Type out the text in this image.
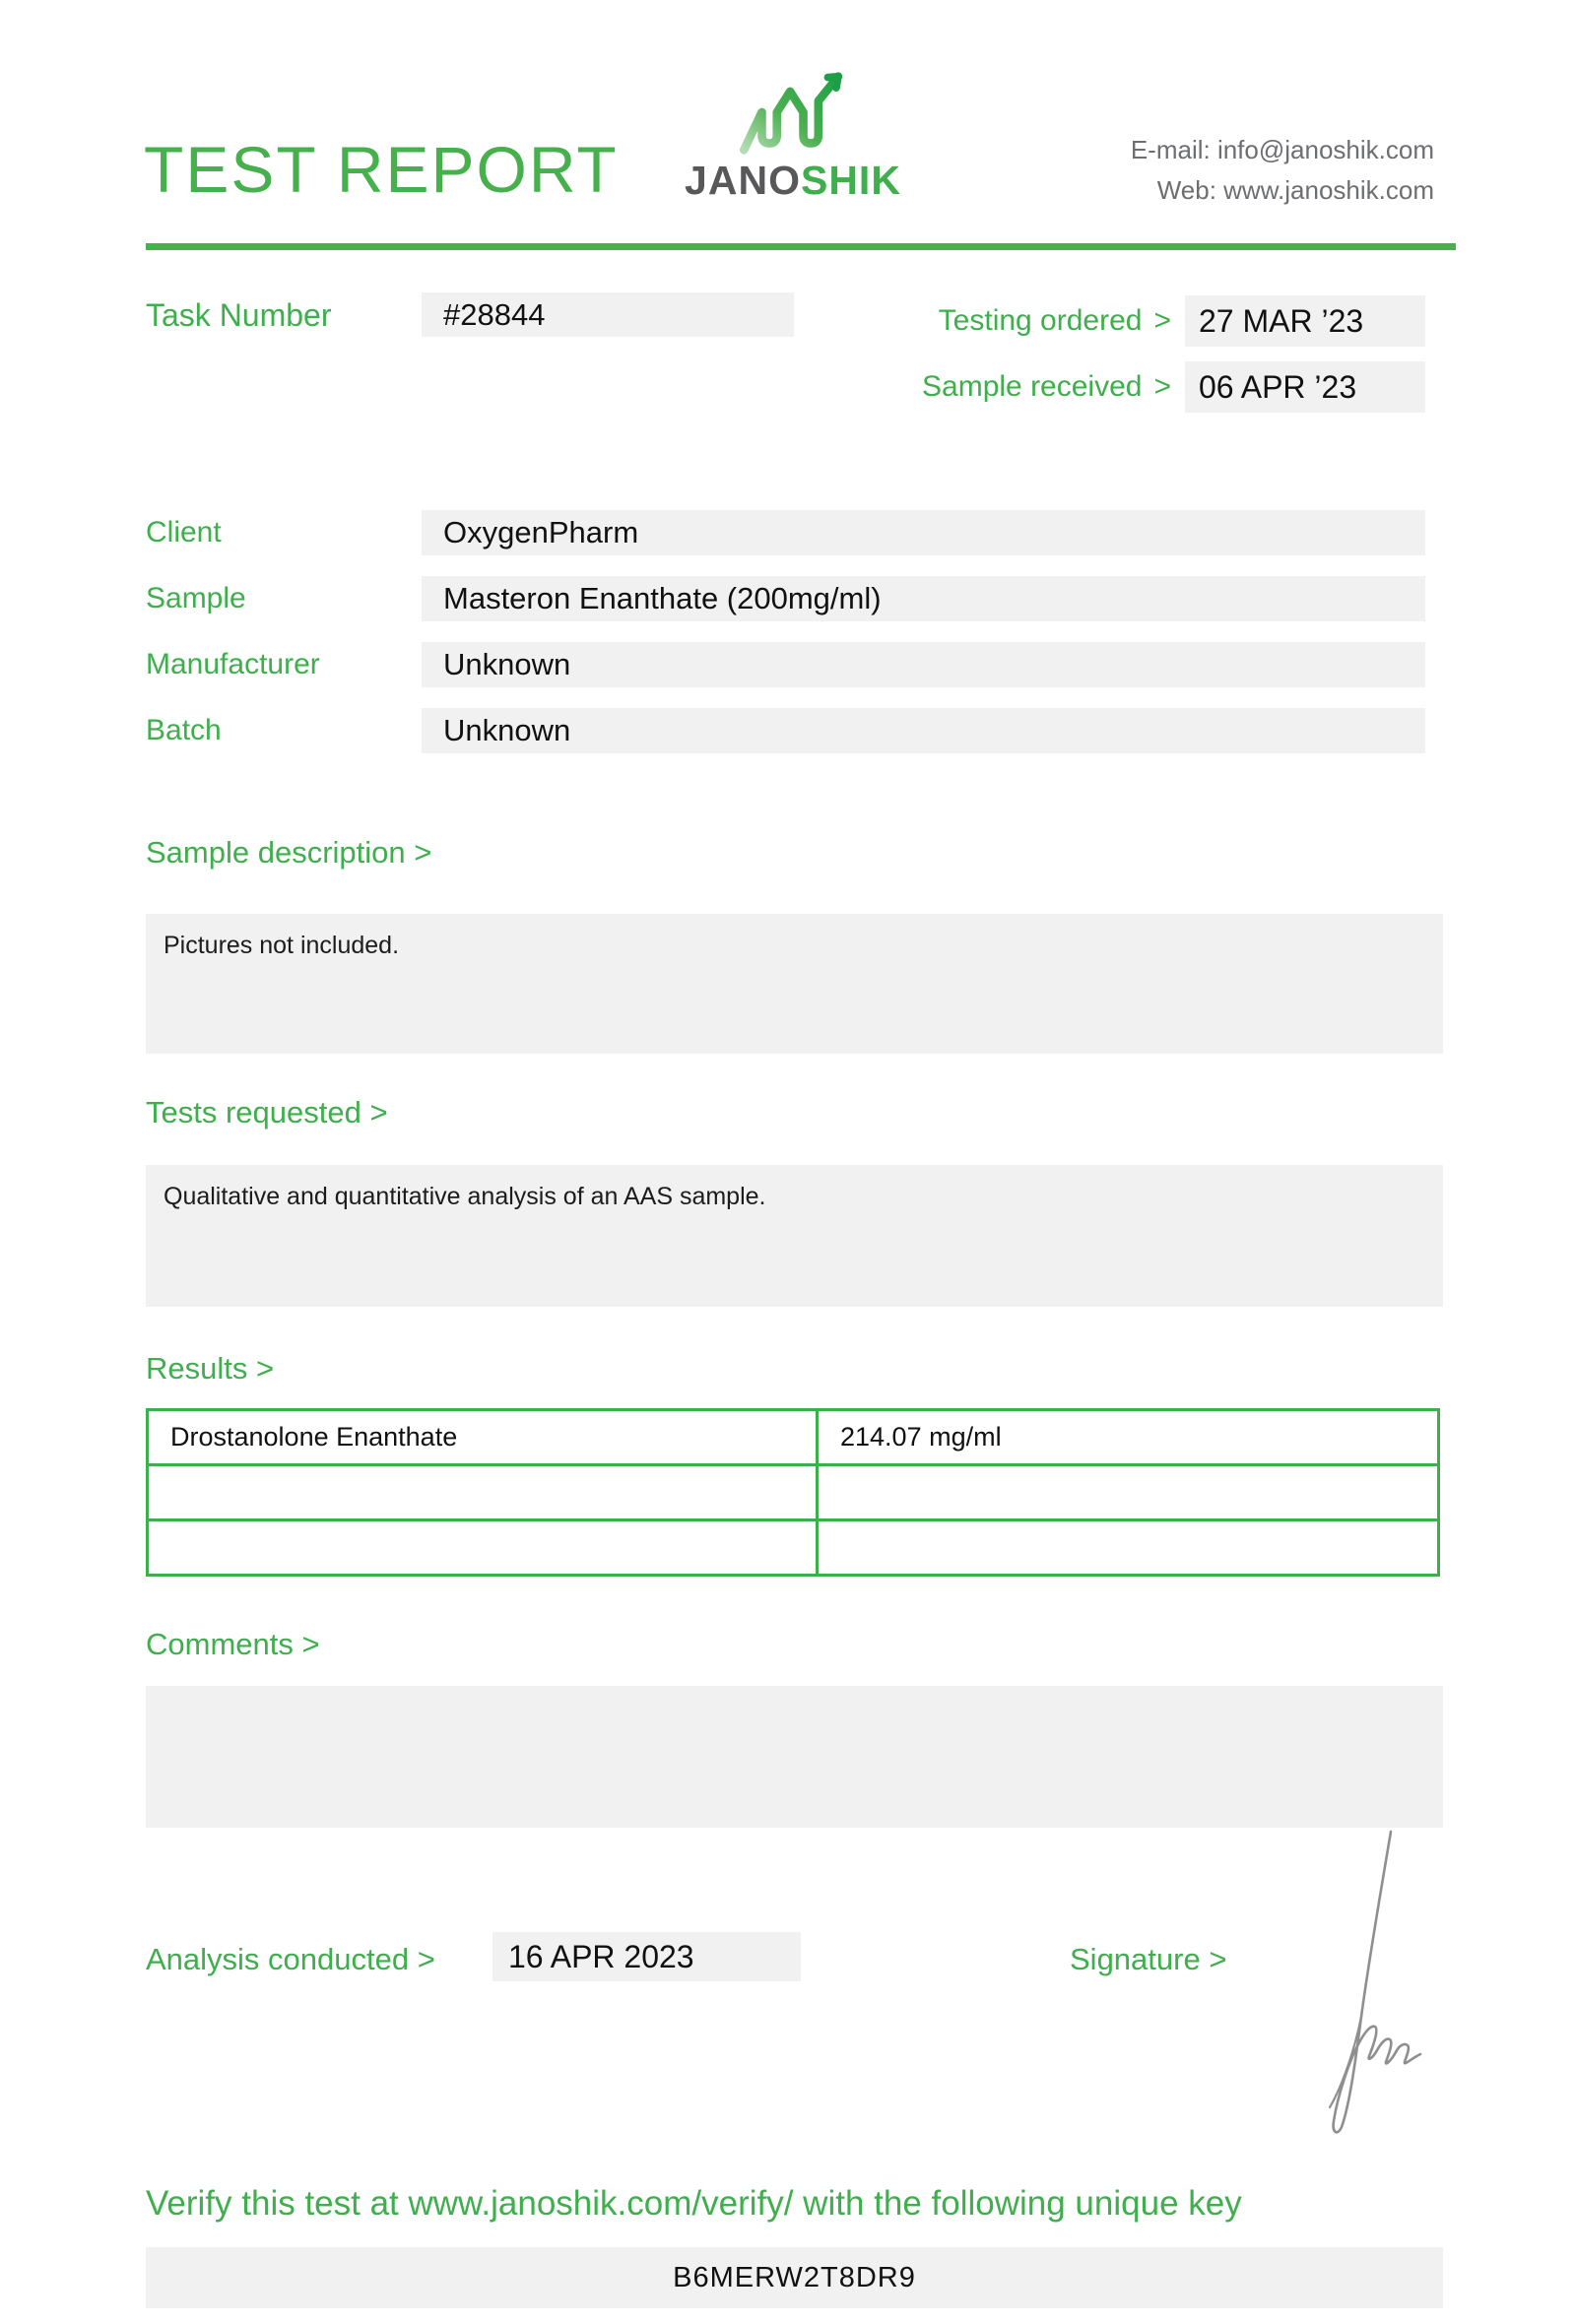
TEST REPORT JANOSHIK
E-mail: info@janoshik.com
Web: www.janoshik.com
Task Number	#28844	Testing ordered > 27 MAR ’23
Sample received > 06 APR ’23
Client	OxygenPharm
Sample	Masteron Enanthate (200mg/ml)
Manufacturer	Unknown
Batch	Unknown
Sample description >
Pictures not included.
Tests requested >
Qualitative and quantitative analysis of an AAS sample.
Results >
Drostanolone Enanthate	214.07 mg/ml

Comments >
Analysis conducted >	16 APR 2023	Signature >
Verify this test at www.janoshik.com/verify/ with the following unique key
B6MERW2T8DR9
